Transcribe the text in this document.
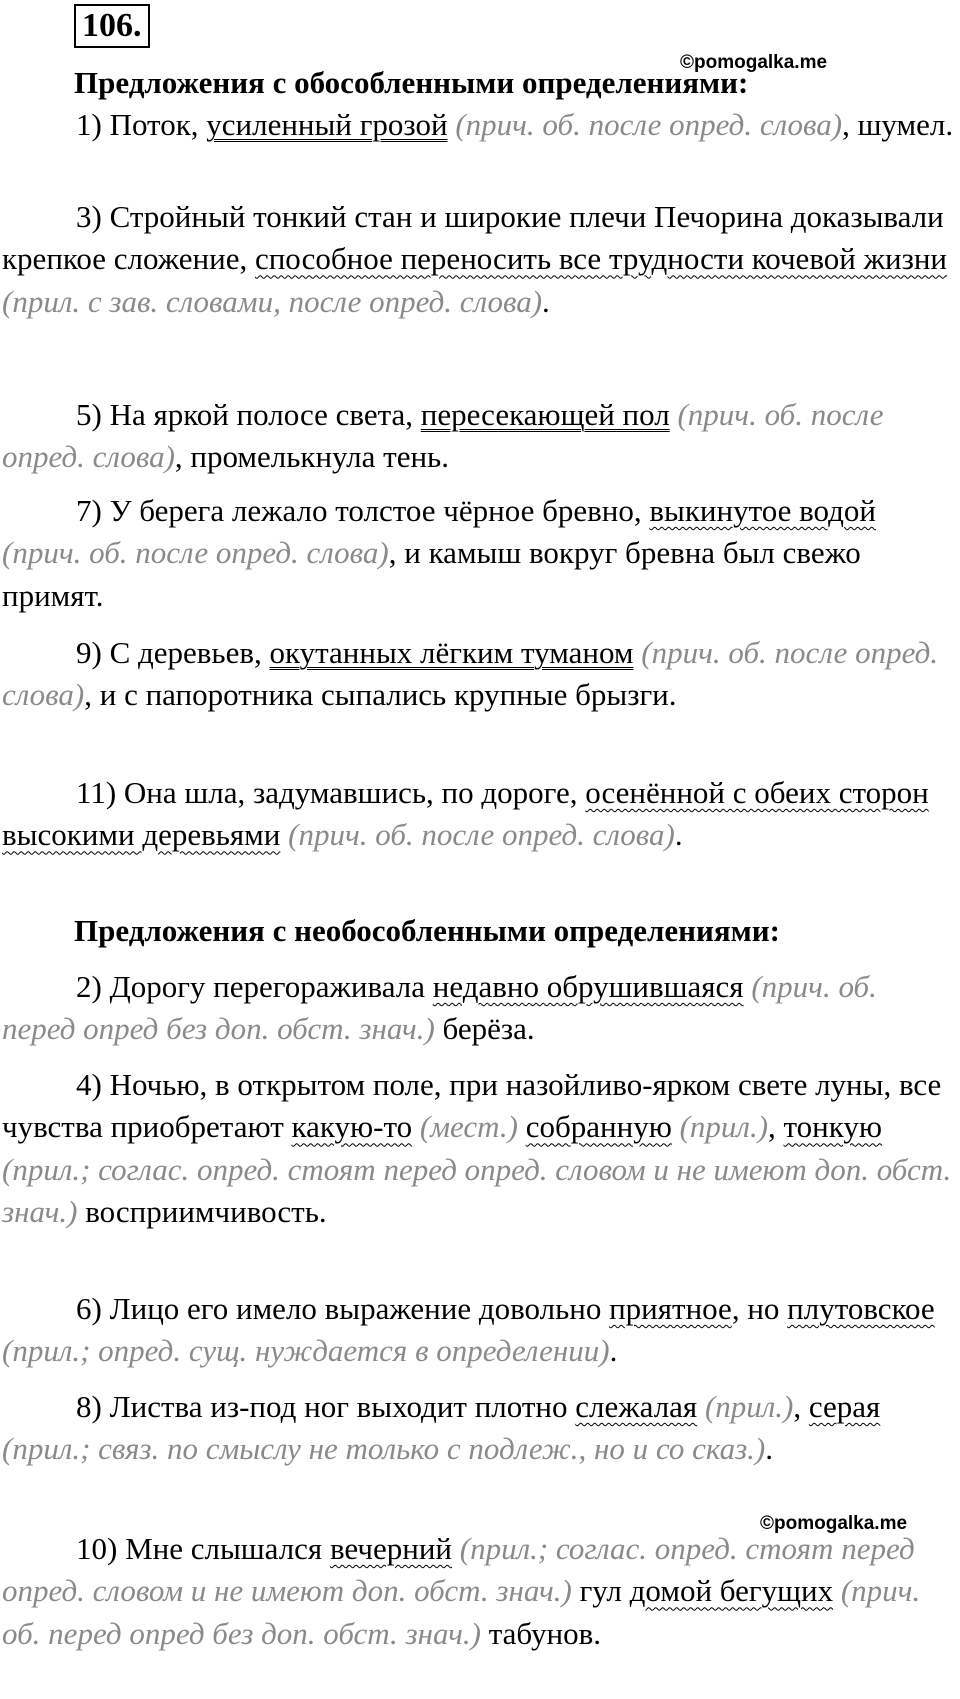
106.
©pomogalka.me
Предложения с обособленными определениями:
1) Поток, усиленный грозой (прич. об. после опред. слова), шумел.
3) Стройный тонкий стан и широкие плечи Печорина доказывали крепкое сложение, способное переносить все трудности кочевой жизни (прил. с зав. словами, после опред. слова).
5) На яркой полосе света, пересекающей пол (прич. об. после опред. слова), промелькнула тень.
7) У берега лежало толстое чёрное бревно, выкинутое водой (прич. об. после опред. слова), и камыш вокруг бревна был свежо примят.
9) С деревьев, окутанных лёгким туманом (прич. об. после опред. слова), и с папоротника сыпались крупные брызги.
11) Она шла, задумавшись, по дороге, осенённой с обеих сторон высокими деревьями (прич. об. после опред. слова).
Предложения с необособленными определениями:
2) Дорогу перегораживала недавно обрушившаяся (прич. об. перед опред без доп. обст. знач.) берёза.
4) Ночью, в открытом поле, при назойливо-ярком свете луны, все чувства приобретают какую-то (мест.) собранную (прил.), тонкую (прил.; соглас. опред. стоят перед опред. словом и не имеют доп. обст. знач.) восприимчивость.
6) Лицо его имело выражение довольно приятное, но плутовское (прил.; опред. сущ. нуждается в определении).
8) Листва из-под ног выходит плотно слежалая (прил.), серая (прил.; связ. по смыслу не только с подлеж., но и со сказ.).
©pomogalka.me
10) Мне слышался вечерний (прил.; соглас. опред. стоят перед опред. словом и не имеют доп. обст. знач.) гул домой бегущих (прич. об. перед опред без доп. обст. знач.) табунов.
